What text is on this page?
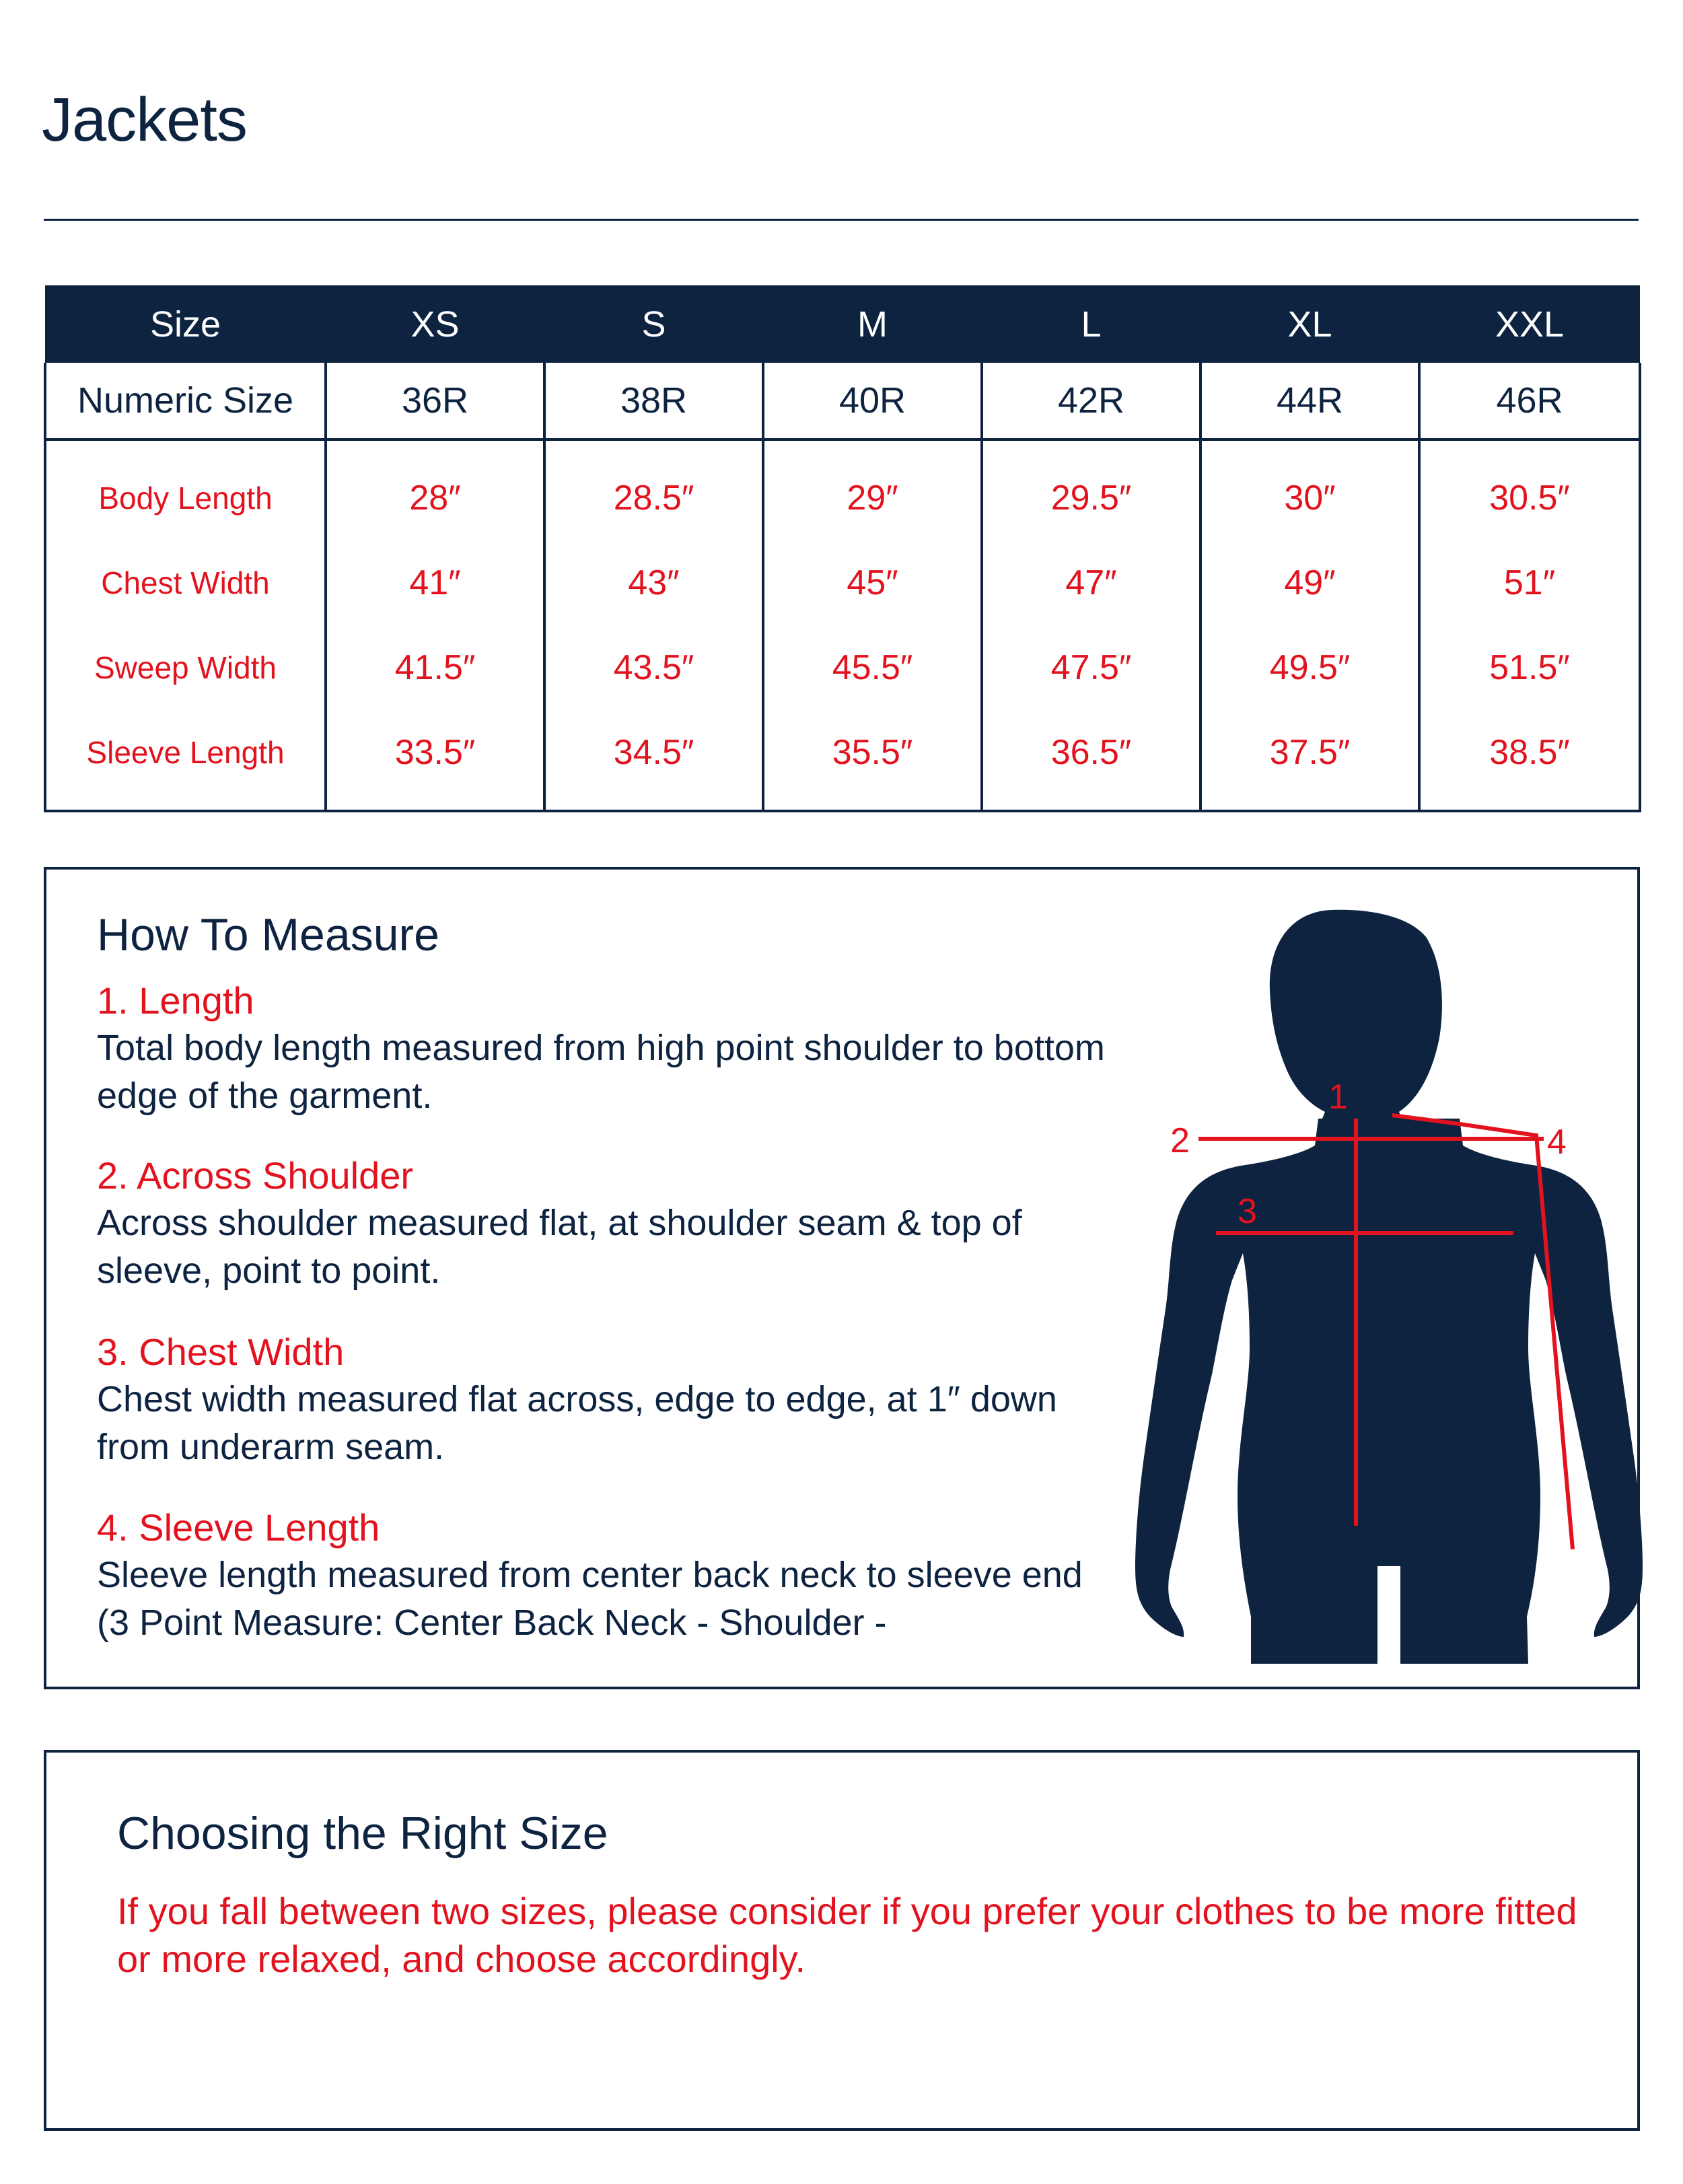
Jackets
Size	XS	S	M	L	XL	XXL
Numeric Size	36R	38R	40R	42R	44R	46R
Body Length	28″	28.5″	29″	29.5″	30″	30.5″
Chest Width	41″	43″	45″	47″	49″	51″
Sweep Width	41.5″	43.5″	45.5″	47.5″	49.5″	51.5″
Sleeve Length	33.5″	34.5″	35.5″	36.5″	37.5″	38.5″
How To Measure
1. Length
Total body length measured from high point shoulder to bottom edge of the garment.
2. Across Shoulder
Across shoulder measured flat, at shoulder seam & top of sleeve, point to point.
3. Chest Width
Chest width measured flat across, edge to edge, at 1″ down from underarm seam.
4. Sleeve Length
Sleeve length measured from center back neck to sleeve end (3 Point Measure: Center Back Neck - Shoulder -
1
2
3
4
Choosing the Right Size
If you fall between two sizes, please consider if you prefer your clothes to be more fitted or more relaxed, and choose accordingly.
